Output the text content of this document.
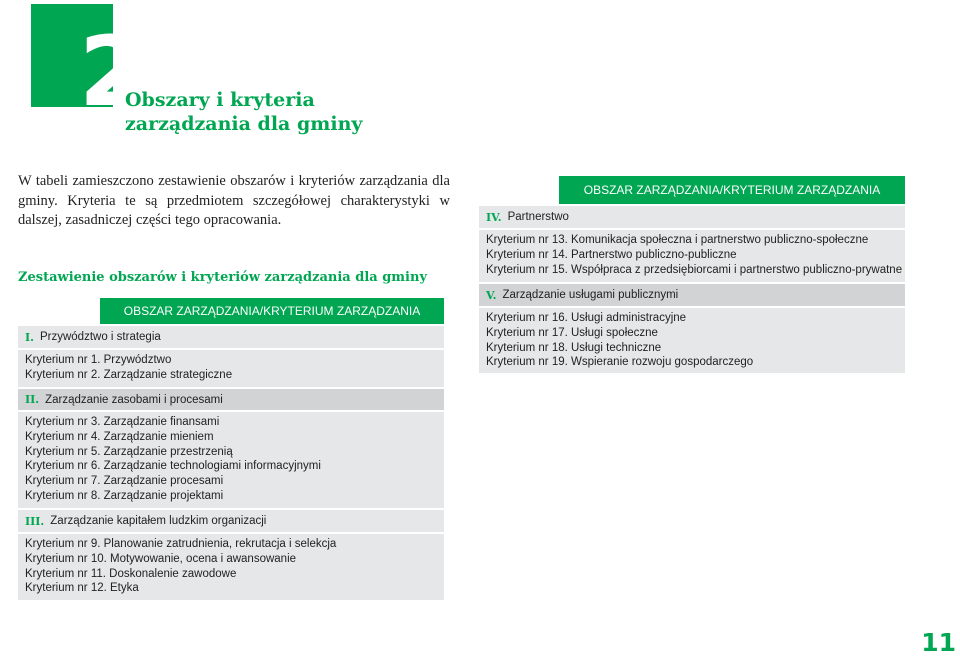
2
Obszary i kryteria
zarządzania dla gminy
W tabeli zamieszczono zestawienie obszarów i kryteriów zarządzania dla gminy. Kryteria te są przedmiotem szczegółowej charakterystyki w dalszej, zasadniczej części tego opracowania.
Zestawienie obszarów i kryteriów zarządzania dla gminy
OBSZAR ZARZĄDZANIA/KRYTERIUM ZARZĄDZANIA
I. Przywództwo i strategia
Kryterium nr 1. Przywództwo
Kryterium nr 2. Zarządzanie strategiczne
II. Zarządzanie zasobami i procesami
Kryterium nr 3. Zarządzanie finansami
Kryterium nr 4. Zarządzanie mieniem
Kryterium nr 5. Zarządzanie przestrzenią
Kryterium nr 6. Zarządzanie technologiami informacyjnymi
Kryterium nr 7. Zarządzanie procesami
Kryterium nr 8. Zarządzanie projektami
III. Zarządzanie kapitałem ludzkim organizacji
Kryterium nr 9. Planowanie zatrudnienia, rekrutacja i selekcja
Kryterium nr 10. Motywowanie, ocena i awansowanie
Kryterium nr 11. Doskonalenie zawodowe
Kryterium nr 12. Etyka
OBSZAR ZARZĄDZANIA/KRYTERIUM ZARZĄDZANIA
IV. Partnerstwo
Kryterium nr 13. Komunikacja społeczna i partnerstwo publiczno-społeczne
Kryterium nr 14. Partnerstwo publiczno-publiczne
Kryterium nr 15. Współpraca z przedsiębiorcami i partnerstwo publiczno-prywatne
V. Zarządzanie usługami publicznymi
Kryterium nr 16. Usługi administracyjne
Kryterium nr 17. Usługi społeczne
Kryterium nr 18. Usługi techniczne
Kryterium nr 19. Wspieranie rozwoju gospodarczego
11
